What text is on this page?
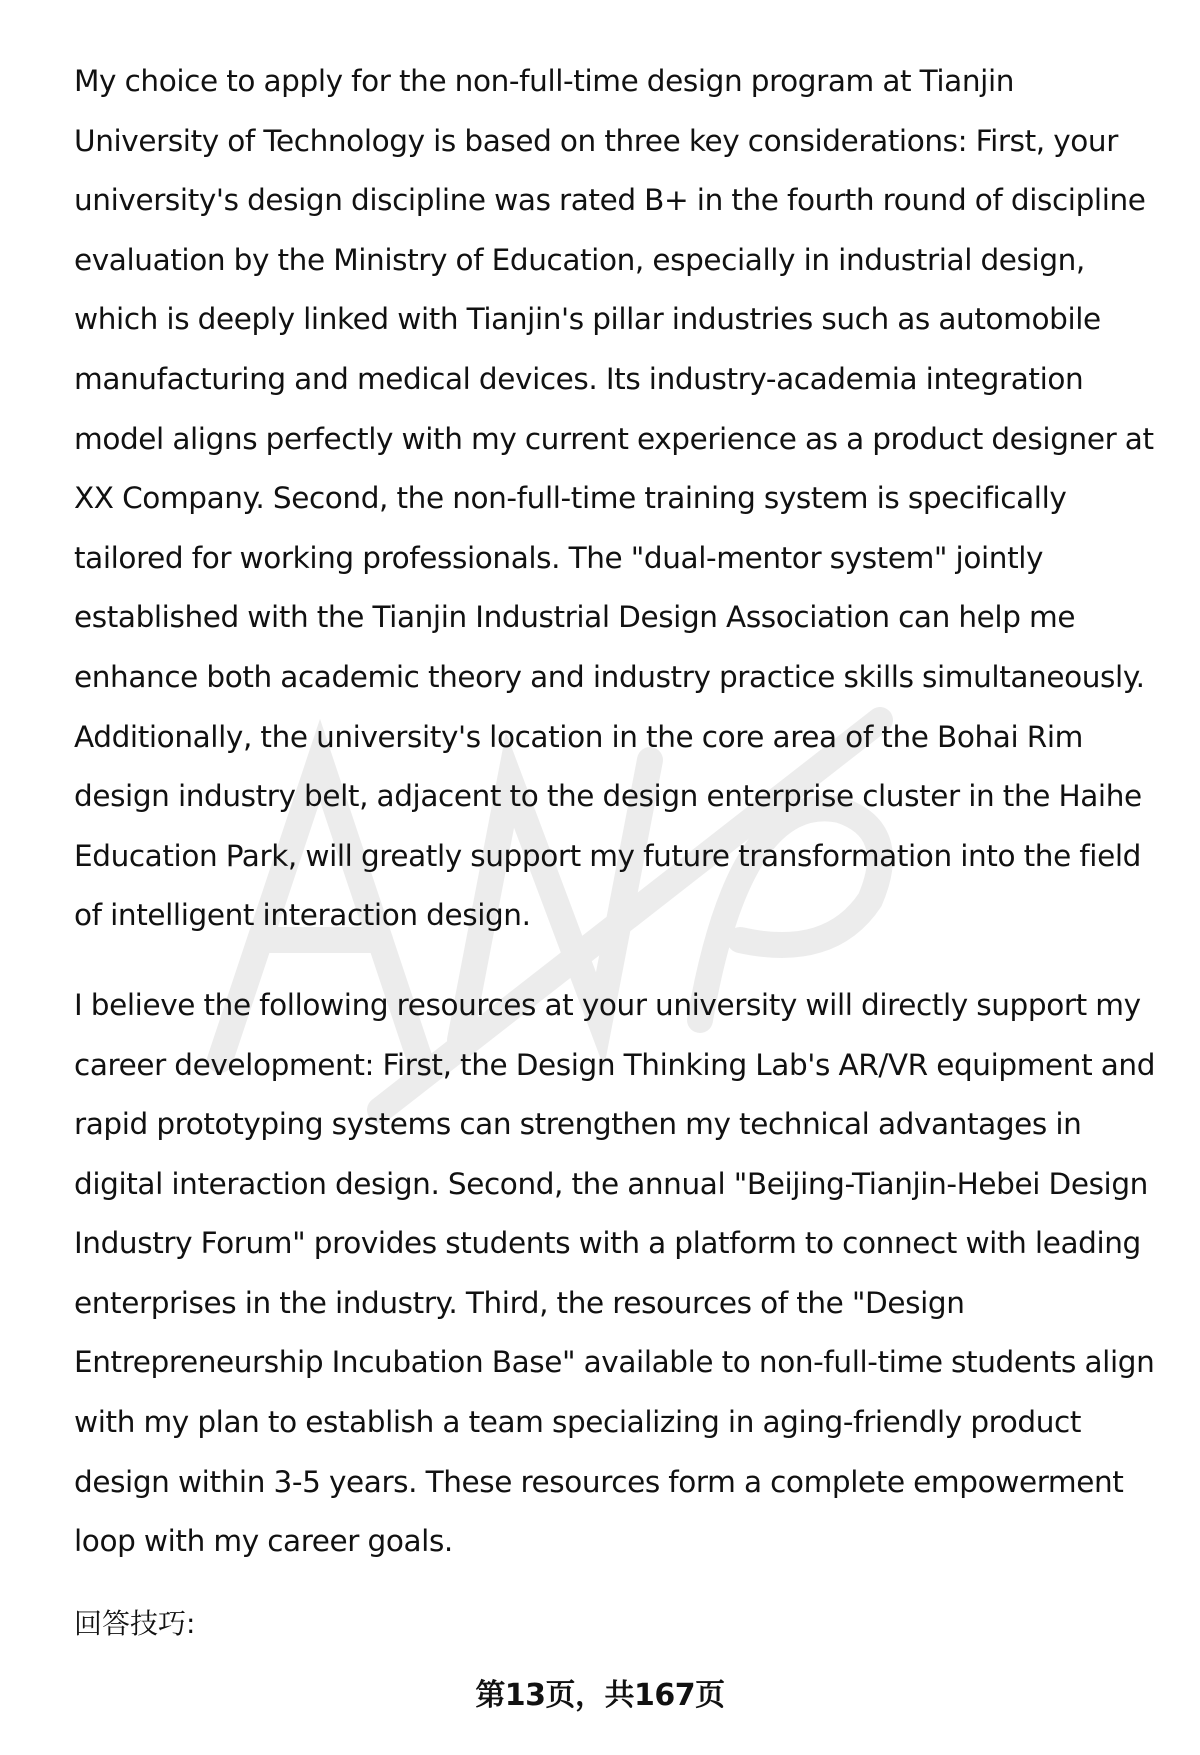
My choice to apply for the non-full-time design program at Tianjin
University of Technology is based on three key considerations: First, your
university's design discipline was rated B+ in the fourth round of discipline
evaluation by the Ministry of Education, especially in industrial design,
which is deeply linked with Tianjin's pillar industries such as automobile
manufacturing and medical devices. Its industry-academia integration
model aligns perfectly with my current experience as a product designer at
XX Company. Second, the non-full-time training system is specifically
tailored for working professionals. The "dual-mentor system" jointly
established with the Tianjin Industrial Design Association can help me
enhance both academic theory and industry practice skills simultaneously.
Additionally, the university's location in the core area of the Bohai Rim
design industry belt, adjacent to the design enterprise cluster in the Haihe
Education Park, will greatly support my future transformation into the field
of intelligent interaction design.

I believe the following resources at your university will directly support my
career development: First, the Design Thinking Lab's AR/VR equipment and
rapid prototyping systems can strengthen my technical advantages in
digital interaction design. Second, the annual "Beijing-Tianjin-Hebei Design
Industry Forum" provides students with a platform to connect with leading
enterprises in the industry. Third, the resources of the "Design
Entrepreneurship Incubation Base" available to non-full-time students align
with my plan to establish a team specializing in aging-friendly product
design within 3-5 years. These resources form a complete empowerment
loop with my career goals.

回答技巧:
第13页，共167页
